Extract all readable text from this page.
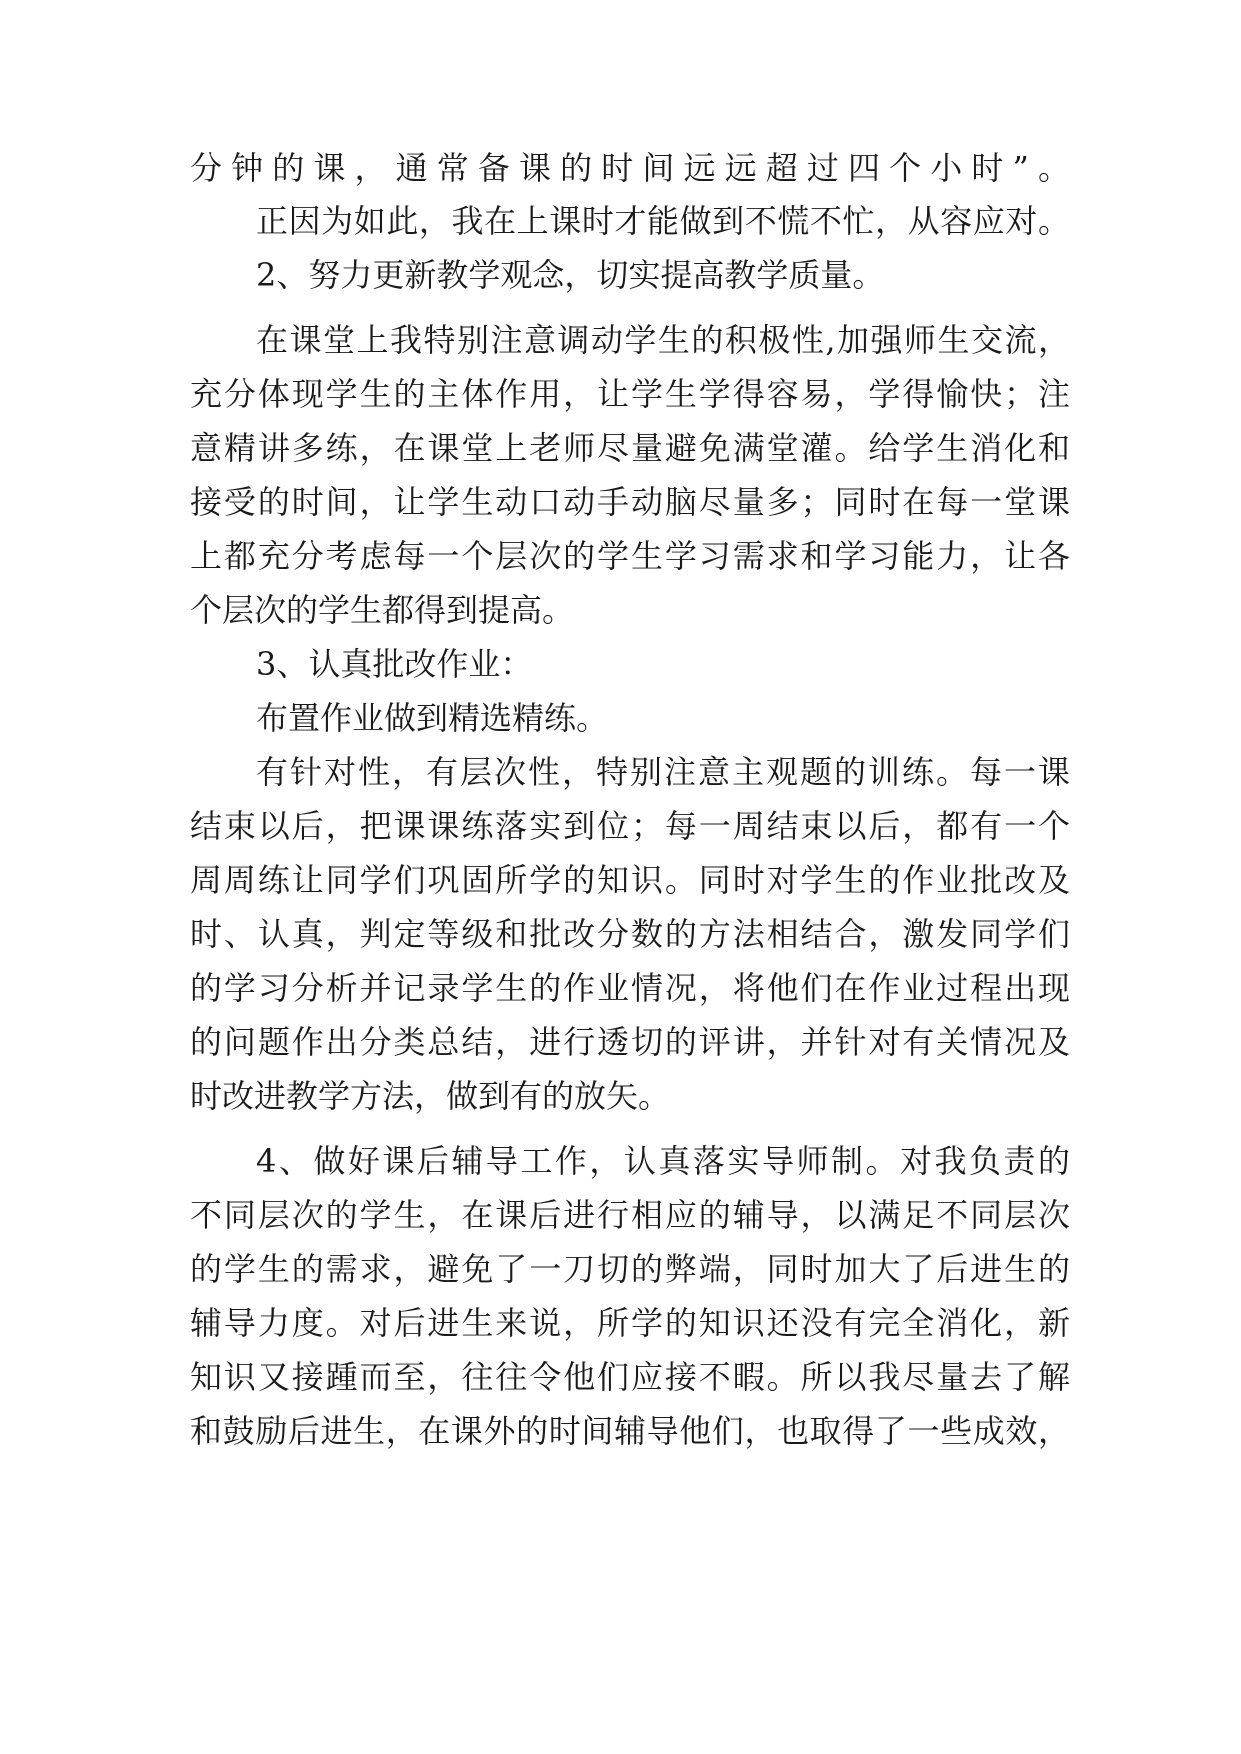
分钟的课，通常备课的时间远远超过四个小时”。
正因为如此，我在上课时才能做到不慌不忙，从容应对。
2、努力更新教学观念，切实提高教学质量。
在课堂上我特别注意调动学生的积极性,加强师生交流，
充分体现学生的主体作用，让学生学得容易，学得愉快；注
意精讲多练，在课堂上老师尽量避免满堂灌。给学生消化和
接受的时间，让学生动口动手动脑尽量多；同时在每一堂课
上都充分考虑每一个层次的学生学习需求和学习能力，让各
个层次的学生都得到提高。
3、认真批改作业：
布置作业做到精选精练。
有针对性，有层次性，特别注意主观题的训练。每一课
结束以后，把课课练落实到位；每一周结束以后，都有一个
周周练让同学们巩固所学的知识。同时对学生的作业批改及
时、认真，判定等级和批改分数的方法相结合，激发同学们
的学习分析并记录学生的作业情况，将他们在作业过程出现
的问题作出分类总结，进行透切的评讲，并针对有关情况及
时改进教学方法，做到有的放矢。
4、做好课后辅导工作，认真落实导师制。对我负责的
不同层次的学生，在课后进行相应的辅导，以满足不同层次
的学生的需求，避免了一刀切的弊端，同时加大了后进生的
辅导力度。对后进生来说，所学的知识还没有完全消化，新
知识又接踵而至，往往令他们应接不暇。所以我尽量去了解
和鼓励后进生，在课外的时间辅导他们，也取得了一些成效，
